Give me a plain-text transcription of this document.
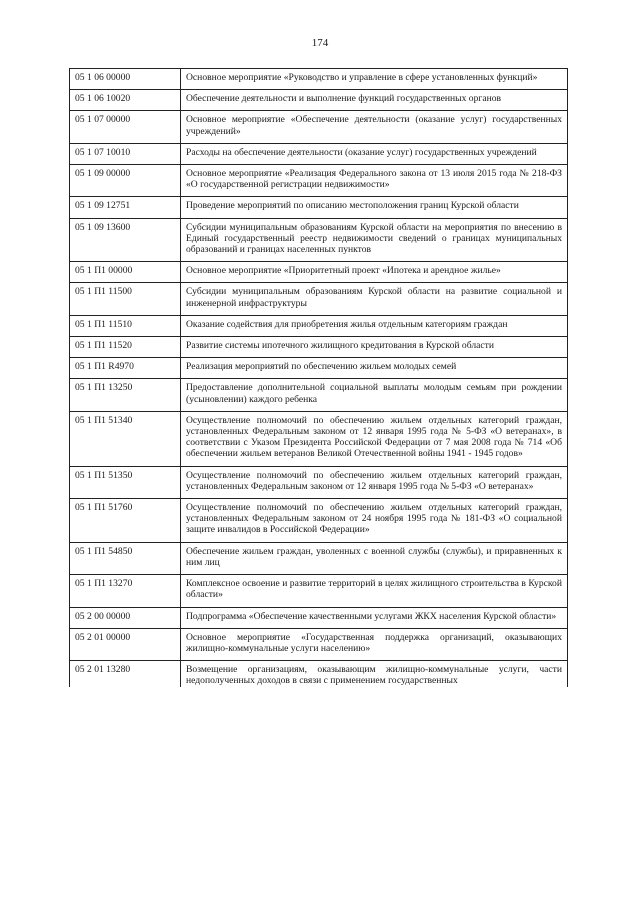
174
05 1 06 00000	Основное мероприятие «Руководство и управление в сфере установленных функций»
05 1 06 10020	Обеспечение деятельности и выполнение функций государственных органов
05 1 07 00000	Основное мероприятие «Обеспечение деятельности (оказание услуг) государственных учреждений»
05 1 07 10010	Расходы на обеспечение деятельности (оказание услуг) государственных учреждений
05 1 09 00000	Основное мероприятие «Реализация Федерального закона от 13 июля 2015 года № 218-ФЗ «О государственной регистрации недвижимости»
05 1 09 12751	Проведение мероприятий по описанию местоположения границ Курской области
05 1 09 13600	Субсидии муниципальным образованиям Курской области на мероприятия по внесению в Единый государственный реестр недвижимости сведений о границах муниципальных образований и границах населенных пунктов
05 1 П1 00000	Основное мероприятие «Приоритетный проект «Ипотека и арендное жилье»
05 1 П1 11500	Субсидии муниципальным образованиям Курской области на развитие социальной и инженерной инфраструктуры
05 1 П1 11510	Оказание содействия для приобретения жилья отдельным категориям граждан
05 1 П1 11520	Развитие системы ипотечного жилищного кредитования в Курской области
05 1 П1 R4970	Реализация мероприятий по обеспечению жильем молодых семей
05 1 П1 13250	Предоставление дополнительной социальной выплаты молодым семьям при рождении (усыновлении) каждого ребенка
05 1 П1 51340	Осуществление полномочий по обеспечению жильем отдельных категорий граждан, установленных Федеральным законом от 12 января 1995 года № 5-ФЗ «О ветеранах», в соответствии с Указом Президента Российской Федерации от 7 мая 2008 года № 714 «Об обеспечении жильем ветеранов Великой Отечественной войны 1941 - 1945 годов»
05 1 П1 51350	Осуществление полномочий по обеспечению жильем отдельных категорий граждан, установленных Федеральным законом от 12 января 1995 года № 5-ФЗ «О ветеранах»
05 1 П1 51760	Осуществление полномочий по обеспечению жильем отдельных категорий граждан, установленных Федеральным законом от 24 ноября 1995 года № 181-ФЗ «О социальной защите инвалидов в Российской Федерации»
05 1 П1 54850	Обеспечение жильем граждан, уволенных с военной службы (службы), и приравненных к ним лиц
05 1 П1 13270	Комплексное освоение и развитие территорий в целях жилищного строительства в Курской области»
05 2 00 00000	Подпрограмма «Обеспечение качественными услугами ЖКХ населения Курской области»
05 2 01 00000	Основное мероприятие «Государственная поддержка организаций, оказывающих жилищно-коммунальные услуги населению»
05 2 01 13280	Возмещение организациям, оказывающим жилищно-коммунальные услуги, части недополученных доходов в связи с применением государственных
